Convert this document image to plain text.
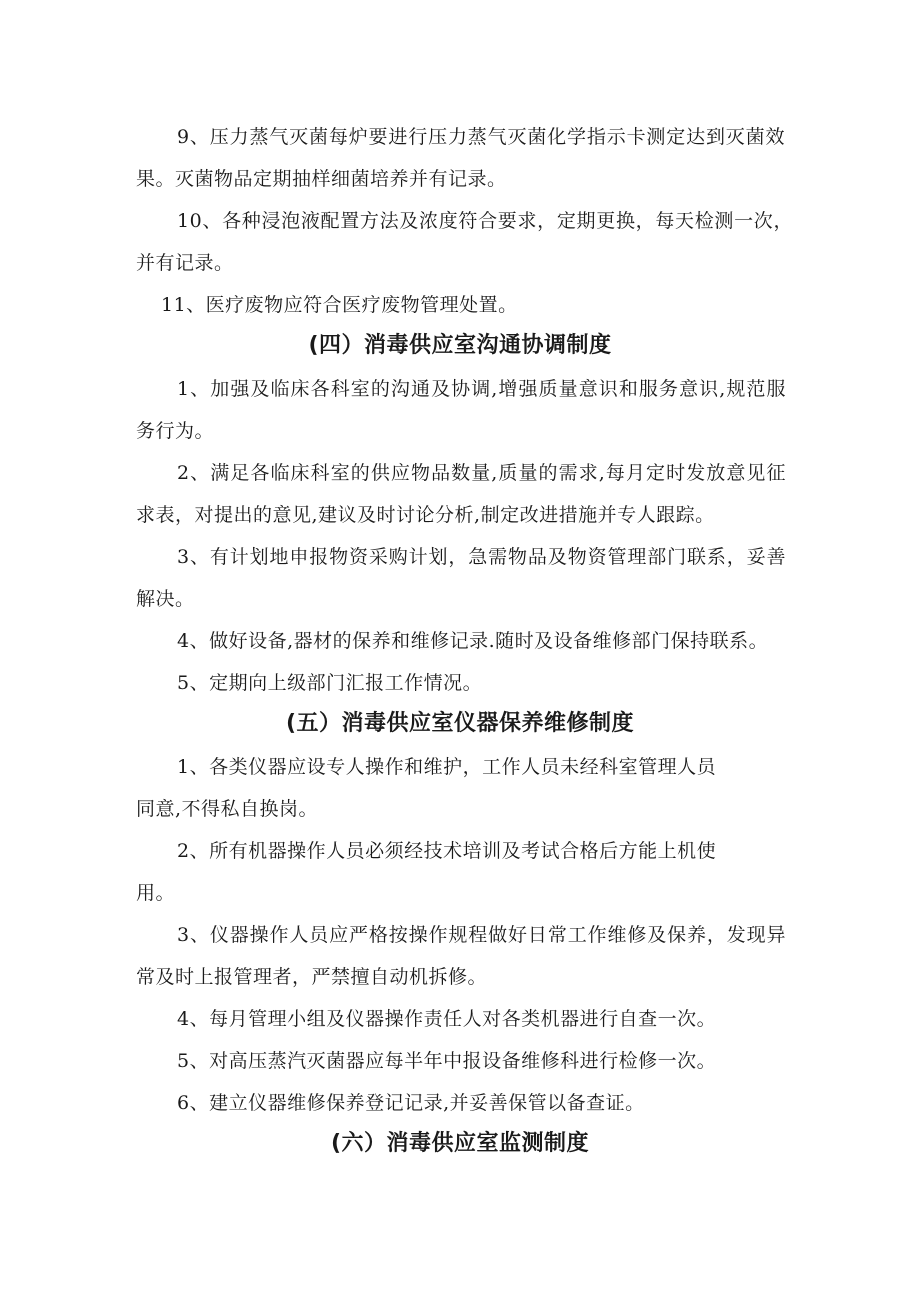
9、压力蒸气灭菌每炉要进行压力蒸气灭菌化学指示卡测定达到灭菌效
果。灭菌物品定期抽样细菌培养并有记录。
10、各种浸泡液配置方法及浓度符合要求，定期更换，每天检测一次，
并有记录。
11、医疗废物应符合医疗废物管理处置。
(四）消毒供应室沟通协调制度
1、加强及临床各科室的沟通及协调,增强质量意识和服务意识,规范服
务行为。
2、满足各临床科室的供应物品数量,质量的需求,每月定时发放意见征
求表，对提出的意见,建议及时讨论分析,制定改进措施并专人跟踪。
3、有计划地申报物资采购计划，急需物品及物资管理部门联系，妥善
解决。
4、做好设备,器材的保养和维修记录.随时及设备维修部门保持联系。
5、定期向上级部门汇报工作情况。
(五）消毒供应室仪器保养维修制度
1、各类仪器应设专人操作和维护，工作人员未经科室管理人员
同意,不得私自换岗。
2、所有机器操作人员必须经技术培训及考试合格后方能上机使
用。
3、仪器操作人员应严格按操作规程做好日常工作维修及保养，发现异
常及时上报管理者，严禁擅自动机拆修。
4、每月管理小组及仪器操作责任人对各类机器进行自查一次。
5、对高压蒸汽灭菌器应每半年中报设备维修科进行检修一次。
6、建立仪器维修保养登记记录,并妥善保管以备查证。
(六）消毒供应室监测制度
